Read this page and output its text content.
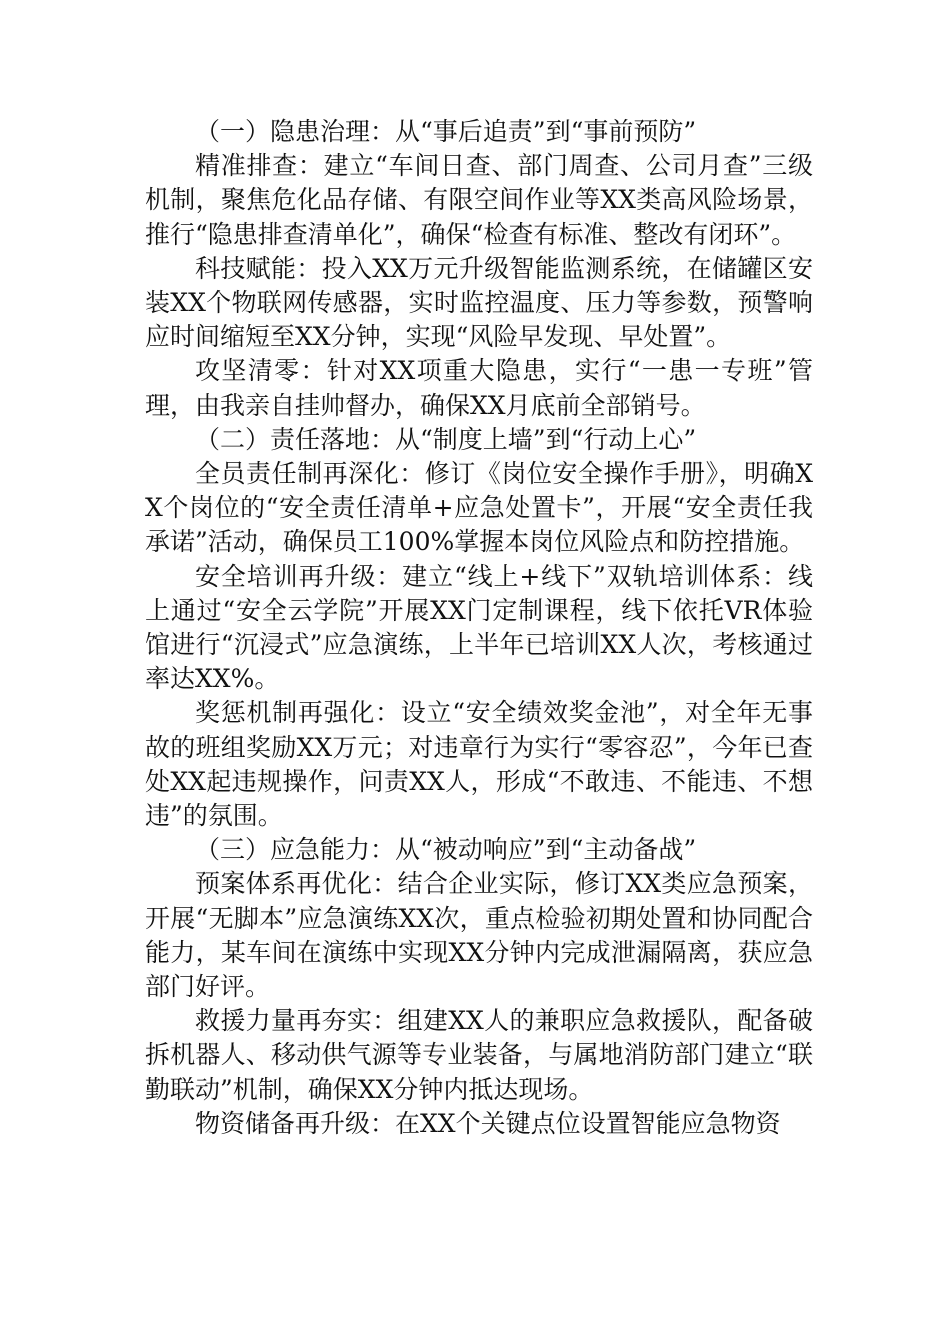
（一）隐患治理：从“事后追责”到“事前预防”

精准排查：建立“车间日查、部门周查、公司月查”三级机制，聚焦危化品存储、有限空间作业等XX类高风险场景，推行“隐患排查清单化”，确保“检查有标准、整改有闭环”。

科技赋能：投入XX万元升级智能监测系统，在储罐区安装XX个物联网传感器，实时监控温度、压力等参数，预警响应时间缩短至XX分钟，实现“风险早发现、早处置”。

攻坚清零：针对XX项重大隐患，实行“一患一专班”管理，由我亲自挂帅督办，确保XX月底前全部销号。

（二）责任落地：从“制度上墙”到“行动上心”

全员责任制再深化：修订《岗位安全操作手册》，明确XX个岗位的“安全责任清单+应急处置卡”，开展“安全责任我承诺”活动，确保员工100%掌握本岗位风险点和防控措施。

安全培训再升级：建立“线上+线下”双轨培训体系：线上通过“安全云学院”开展XX门定制课程，线下依托VR体验馆进行“沉浸式”应急演练，上半年已培训XX人次，考核通过率达XX%。

奖惩机制再强化：设立“安全绩效奖金池”，对全年无事故的班组奖励XX万元；对违章行为实行“零容忍”，今年已查处XX起违规操作，问责XX人，形成“不敢违、不能违、不想违”的氛围。

（三）应急能力：从“被动响应”到“主动备战”

预案体系再优化：结合企业实际，修订XX类应急预案，开展“无脚本”应急演练XX次，重点检验初期处置和协同配合能力，某车间在演练中实现XX分钟内完成泄漏隔离，获应急部门好评。

救援力量再夯实：组建XX人的兼职应急救援队，配备破拆机器人、移动供气源等专业装备，与属地消防部门建立“联勤联动”机制，确保XX分钟内抵达现场。

物资储备再升级：在XX个关键点位设置智能应急物资
